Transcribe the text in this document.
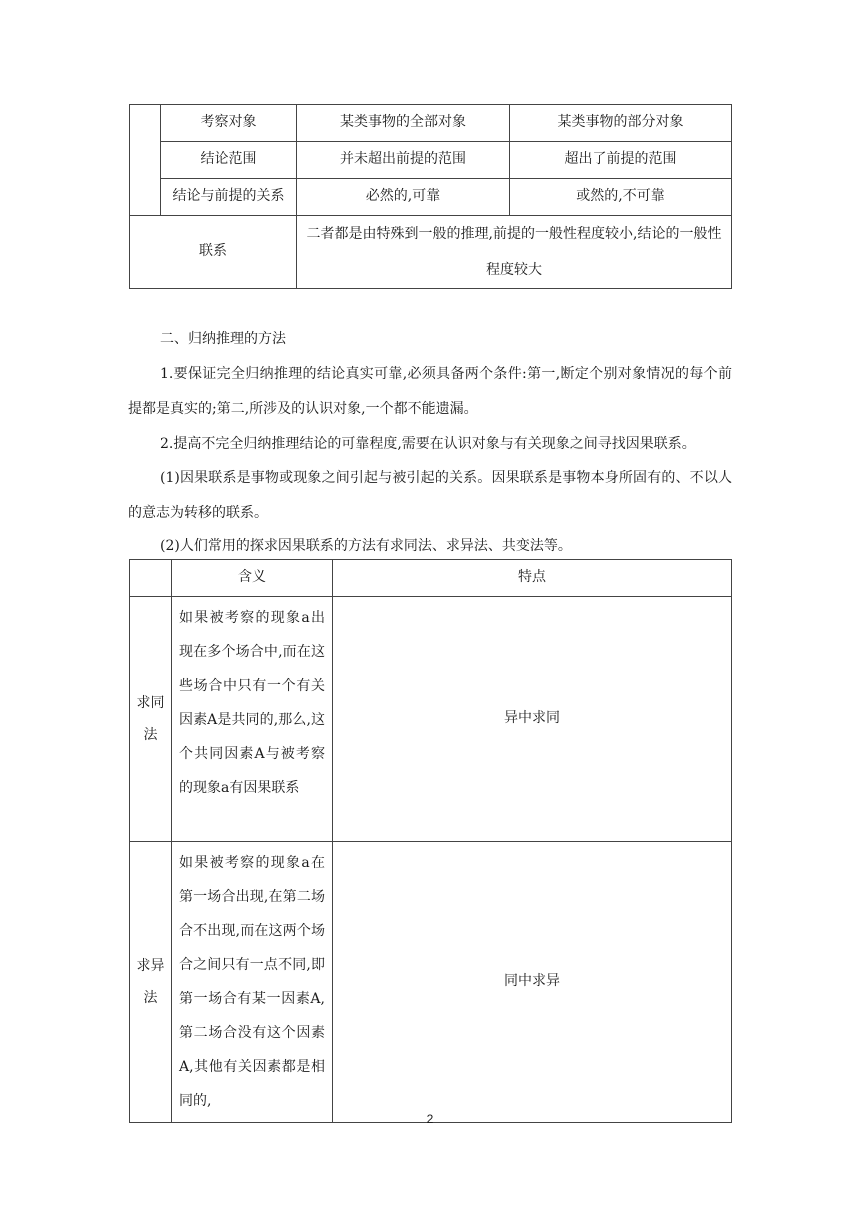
	考察对象	某类事物的全部对象	某类事物的部分对象
	结论范围	并未超出前提的范围	超出了前提的范围
	结论与前提的关系	必然的,可靠	或然的,不可靠
联系		二者都是由特殊到一般的推理,前提的一般性程度较小,结论的一般性程度较大	

二、归纳推理的方法

1.要保证完全归纳推理的结论真实可靠,必须具备两个条件:第一,断定个别对象情况的每个前提都是真实的;第二,所涉及的认识对象,一个都不能遗漏。

2.提高不完全归纳推理结论的可靠程度,需要在认识对象与有关现象之间寻找因果联系。

(1)因果联系是事物或现象之间引起与被引起的关系。因果联系是事物本身所固有的、不以人的意志为转移的联系。

(2)人们常用的探求因果联系的方法有求同法、求异法、共变法等。

	含义	特点
求同法	如果被考察的现象a出现在多个场合中,而在这些场合中只有一个有关因素A是共同的,那么,这个共同因素A与被考察的现象a有因果联系	异中求同
求异法	如果被考察的现象a在第一场合出现,在第二场合不出现,而在这两个场合之间只有一点不同,即第一场合有某一因素A,第二场合没有这个因素A,其他有关因素都是相同的,	同中求异
2
